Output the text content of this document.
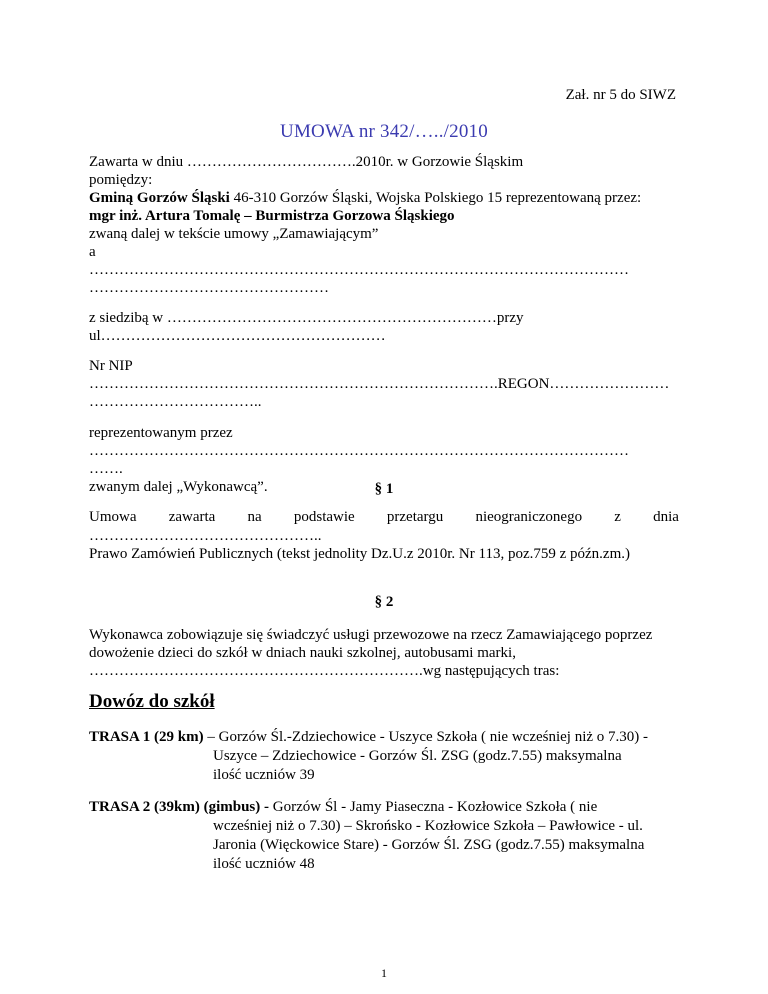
Zał. nr 5 do SIWZ
UMOWA nr 342/…../2010
Zawarta w dniu …………………………….2010r. w Gorzowie Śląskim
pomiędzy:
Gminą Gorzów Śląski 46-310 Gorzów Śląski, Wojska Polskiego 15 reprezentowaną przez:
mgr inż. Artura Tomalę – Burmistrza Gorzowa Śląskiego
zwaną dalej w tekście umowy „Zamawiającym”
a
………………………………………………………………………………………………
…………………………………………
z siedzibą w …………………………………………………………przy
ul…………………………………………………
Nr NIP
……………………………………………………………………….REGON……………………
……………………………..
reprezentowanym przez
………………………………………………………………………………………………
…….
zwanym dalej „Wykonawcą”.	§ 1
Umowa zawarta na podstawie przetargu nieograniczonego z dnia
………………………………………..
Prawo Zamówień Publicznych (tekst jednolity Dz.U.z 2010r. Nr 113, poz.759 z późn.zm.)
§ 2
Wykonawca zobowiązuje się świadczyć usługi przewozowe na rzecz Zamawiającego poprzez
dowożenie dzieci do szkół w dniach nauki szkolnej, autobusami marki,
………………………………………………………….wg następujących tras:
Dowóz do szkół
TRASA 1 (29 km) – Gorzów Śl.-Zdziechowice - Uszyce Szkoła ( nie wcześniej niż o 7.30) -
Uszyce – Zdziechowice - Gorzów Śl. ZSG (godz.7.55) maksymalna
ilość uczniów 39
TRASA 2 (39km) (gimbus) - Gorzów Śl - Jamy Piaseczna - Kozłowice Szkoła ( nie
wcześniej niż o 7.30) – Skrońsko - Kozłowice Szkoła – Pawłowice - ul.
Jaronia (Więckowice Stare) - Gorzów Śl. ZSG (godz.7.55) maksymalna
ilość uczniów 48
1
